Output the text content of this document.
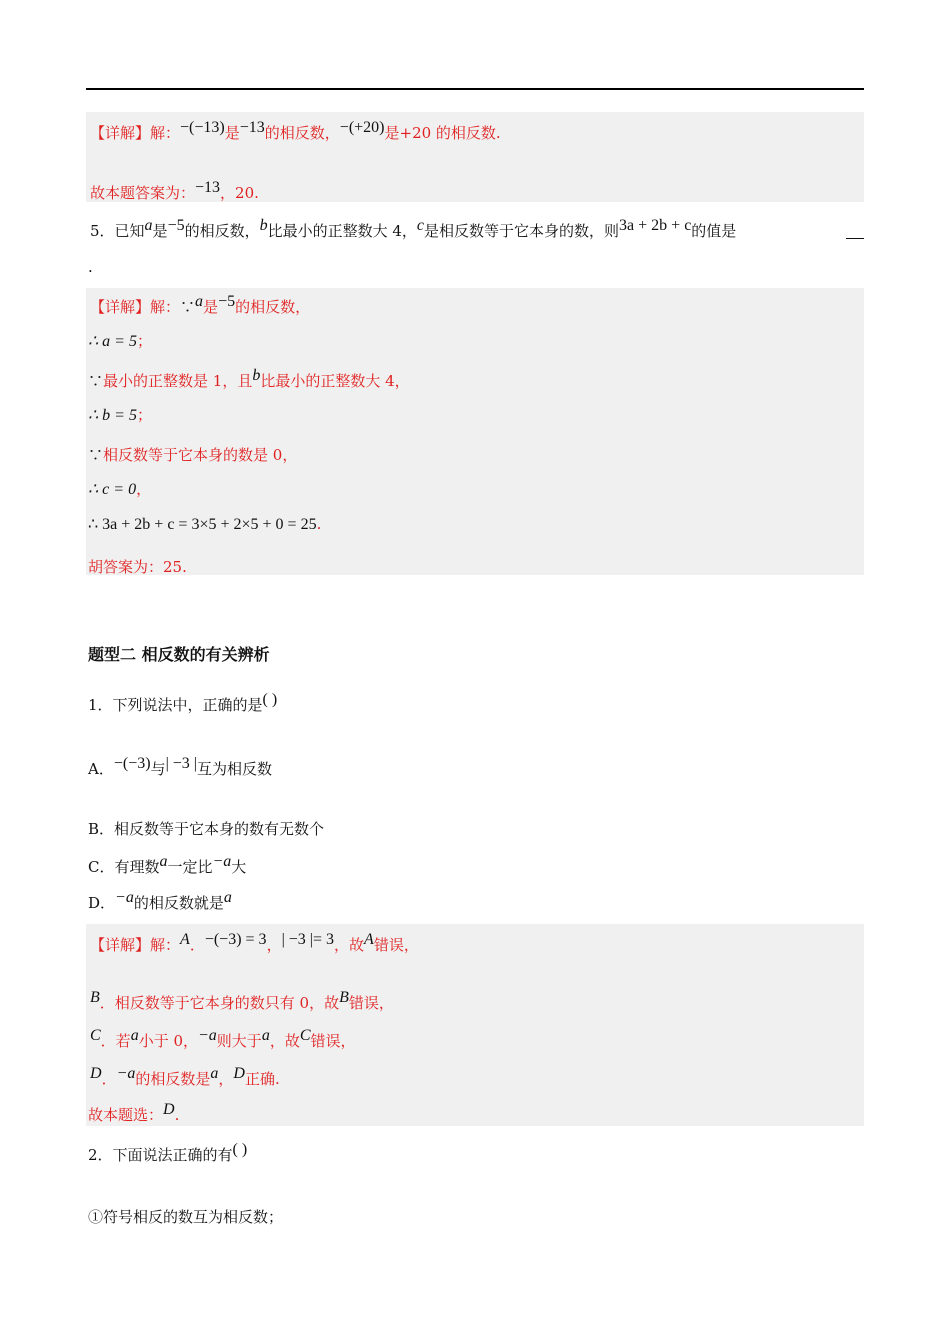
【详解】解：−(−13)是−13的相反数，−(+20)是+20 的相反数.
故本题答案为：−13，20.
5．已知a是−5的相反数，b比最小的正整数大 4，c是相反数等于它本身的数，则3a + 2b + c的值是
.
【详解】解：∵a是−5的相反数，
∴ a = 5；
∵最小的正整数是 1，且b比最小的正整数大 4，
∴ b = 5；
∵相反数等于它本身的数是 0，
∴ c = 0，
∴ 3a + 2b + c = 3×5 + 2×5 + 0 = 25.
胡答案为：25.
题型二 相反数的有关辨析
1．下列说法中，正确的是( )
A．−(−3)与| −3 |互为相反数
B．相反数等于它本身的数有无数个
C．有理数a一定比−a大
D．−a的相反数就是a
【详解】解：A．−(−3) = 3，| −3 |= 3，故A错误，
B．相反数等于它本身的数只有 0，故B错误，
C．若a小于 0，−a则大于a，故C错误，
D．−a的相反数是a，D正确.
故本题选：D.
2．下面说法正确的有( )
①符号相反的数互为相反数；
